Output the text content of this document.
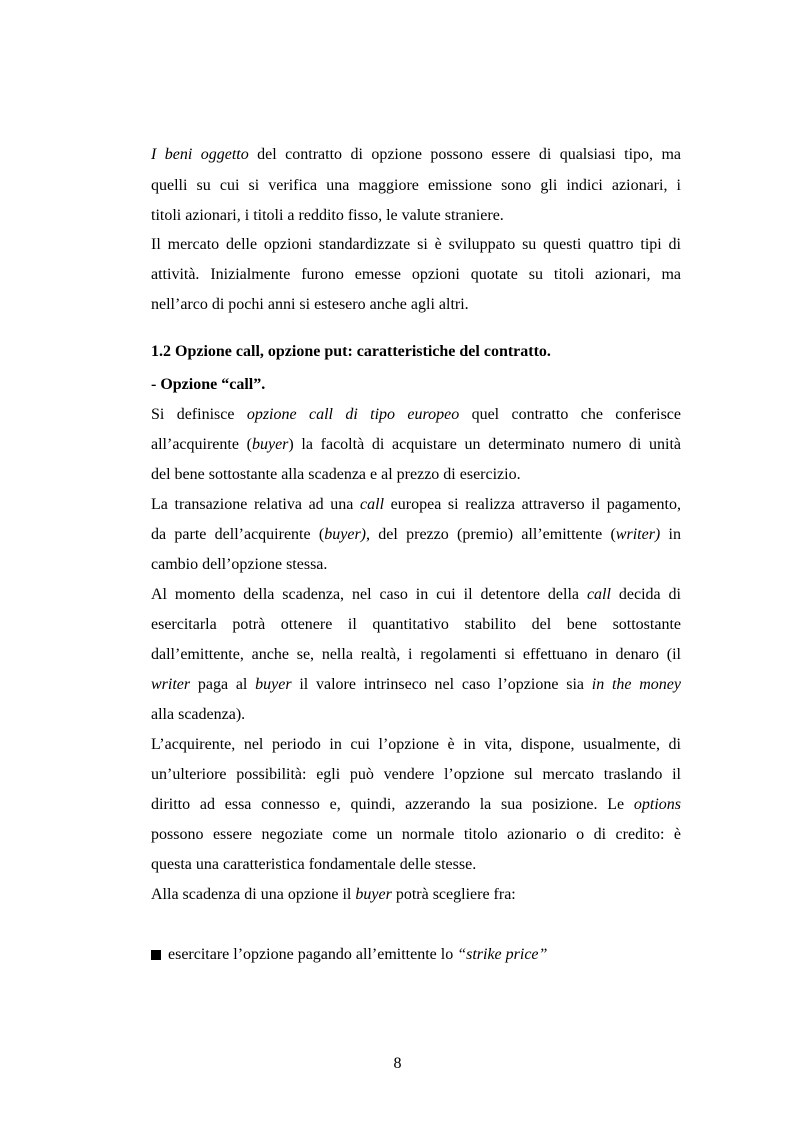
I beni oggetto del contratto di opzione possono essere di qualsiasi tipo, ma
quelli su cui si verifica una maggiore emissione sono gli indici azionari, i
titoli azionari, i titoli a reddito fisso, le valute straniere.
Il mercato delle opzioni standardizzate si è sviluppato su questi quattro tipi di
attività. Inizialmente furono emesse opzioni quotate su titoli azionari, ma
nell’arco di pochi anni si estesero anche agli altri.
1.2 Opzione call, opzione put: caratteristiche del contratto.
- Opzione “call”.
Si definisce opzione call di tipo europeo quel contratto che conferisce
all’acquirente (buyer) la facoltà di acquistare un determinato numero di unità
del bene sottostante alla scadenza e al prezzo di esercizio.
La transazione relativa ad una call europea si realizza attraverso il pagamento,
da parte dell’acquirente (buyer), del prezzo (premio) all’emittente (writer) in
cambio dell’opzione stessa.
Al momento della scadenza, nel caso in cui il detentore della call decida di
esercitarla potrà ottenere il quantitativo stabilito del bene sottostante
dall’emittente, anche se, nella realtà, i regolamenti si effettuano in denaro (il
writer paga al buyer il valore intrinseco nel caso l’opzione sia in the money
alla scadenza).
L’acquirente, nel periodo in cui l’opzione è in vita, dispone, usualmente, di
un’ulteriore possibilità: egli può vendere l’opzione sul mercato traslando il
diritto ad essa connesso e, quindi, azzerando la sua posizione. Le options
possono essere negoziate come un normale titolo azionario o di credito: è
questa una caratteristica fondamentale delle stesse.
Alla scadenza di una opzione il buyer potrà scegliere fra:
esercitare l’opzione pagando all’emittente lo “strike price”
8
